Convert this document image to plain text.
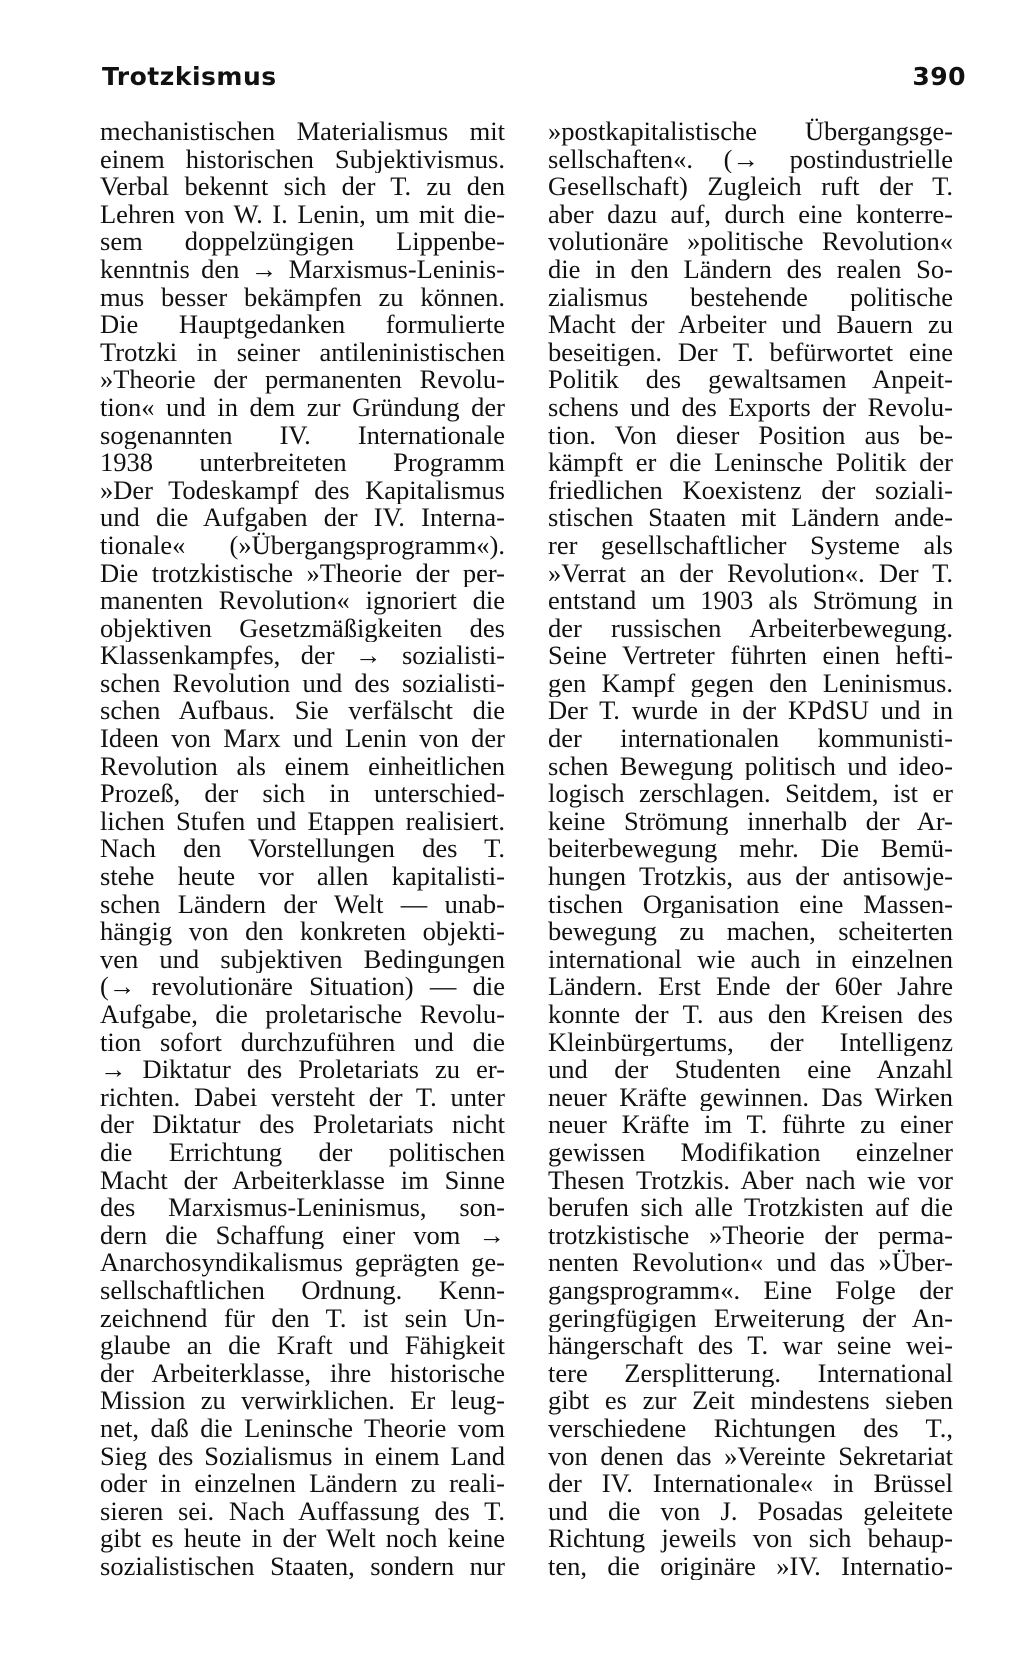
Trotzkismus	390
mechanistischen Materialismus mit
einem historischen Subjektivismus.
Verbal bekennt sich der T. zu den
Lehren von W. I. Lenin, um mit die-
sem doppelzüngigen Lippenbe-
kenntnis den → Marxismus-Leninis-
mus besser bekämpfen zu können.
Die Hauptgedanken formulierte
Trotzki in seiner antileninistischen
»Theorie der permanenten Revolu-
tion« und in dem zur Gründung der
sogenannten IV. Internationale
1938 unterbreiteten Programm
»Der Todeskampf des Kapitalismus
und die Aufgaben der IV. Interna-
tionale« (»Übergangsprogramm«).
Die trotzkistische »Theorie der per-
manenten Revolution« ignoriert die
objektiven Gesetzmäßigkeiten des
Klassenkampfes, der → sozialisti-
schen Revolution und des sozialisti-
schen Aufbaus. Sie verfälscht die
Ideen von Marx und Lenin von der
Revolution als einem einheitlichen
Prozeß, der sich in unterschied-
lichen Stufen und Etappen realisiert.
Nach den Vorstellungen des T.
stehe heute vor allen kapitalisti-
schen Ländern der Welt — unab-
hängig von den konkreten objekti-
ven und subjektiven Bedingungen
(→ revolutionäre Situation) — die
Aufgabe, die proletarische Revolu-
tion sofort durchzuführen und die
→ Diktatur des Proletariats zu er-
richten. Dabei versteht der T. unter
der Diktatur des Proletariats nicht
die Errichtung der politischen
Macht der Arbeiterklasse im Sinne
des Marxismus-Leninismus, son-
dern die Schaffung einer vom →
Anarchosyndikalismus geprägten ge-
sellschaftlichen Ordnung. Kenn-
zeichnend für den T. ist sein Un-
glaube an die Kraft und Fähigkeit
der Arbeiterklasse, ihre historische
Mission zu verwirklichen. Er leug-
net, daß die Leninsche Theorie vom
Sieg des Sozialismus in einem Land
oder in einzelnen Ländern zu reali-
sieren sei. Nach Auffassung des T.
gibt es heute in der Welt noch keine
sozialistischen Staaten, sondern nur
»postkapitalistische Übergangsge-
sellschaften«. (→ postindustrielle
Gesellschaft) Zugleich ruft der T.
aber dazu auf, durch eine konterre-
volutionäre »politische Revolution«
die in den Ländern des realen So-
zialismus bestehende politische
Macht der Arbeiter und Bauern zu
beseitigen. Der T. befürwortet eine
Politik des gewaltsamen Anpeit-
schens und des Exports der Revolu-
tion. Von dieser Position aus be-
kämpft er die Leninsche Politik der
friedlichen Koexistenz der soziali-
stischen Staaten mit Ländern ande-
rer gesellschaftlicher Systeme als
»Verrat an der Revolution«. Der T.
entstand um 1903 als Strömung in
der russischen Arbeiterbewegung.
Seine Vertreter führten einen hefti-
gen Kampf gegen den Leninismus.
Der T. wurde in der KPdSU und in
der internationalen kommunisti-
schen Bewegung politisch und ideo-
logisch zerschlagen. Seitdem, ist er
keine Strömung innerhalb der Ar-
beiterbewegung mehr. Die Bemü-
hungen Trotzkis, aus der antisowje-
tischen Organisation eine Massen-
bewegung zu machen, scheiterten
international wie auch in einzelnen
Ländern. Erst Ende der 60er Jahre
konnte der T. aus den Kreisen des
Kleinbürgertums, der Intelligenz
und der Studenten eine Anzahl
neuer Kräfte gewinnen. Das Wirken
neuer Kräfte im T. führte zu einer
gewissen Modifikation einzelner
Thesen Trotzkis. Aber nach wie vor
berufen sich alle Trotzkisten auf die
trotzkistische »Theorie der perma-
nenten Revolution« und das »Über-
gangsprogramm«. Eine Folge der
geringfügigen Erweiterung der An-
hängerschaft des T. war seine wei-
tere Zersplitterung. International
gibt es zur Zeit mindestens sieben
verschiedene Richtungen des T.,
von denen das »Vereinte Sekretariat
der IV. Internationale« in Brüssel
und die von J. Posadas geleitete
Richtung jeweils von sich behaup-
ten, die originäre »IV. Internatio-
